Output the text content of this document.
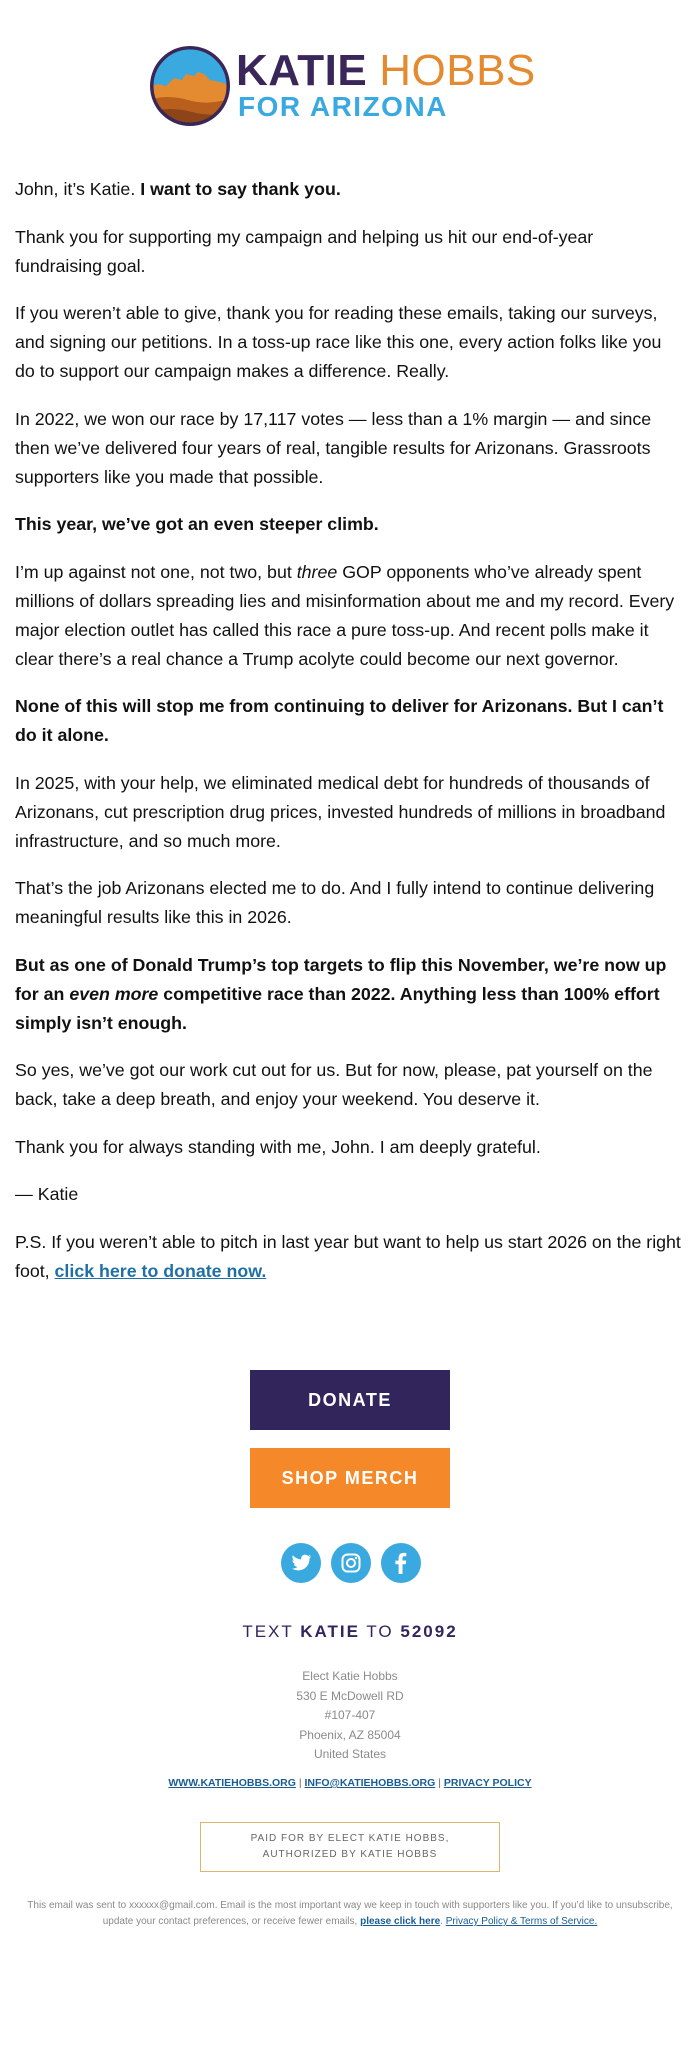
KATIE HOBBS
FOR ARIZONA

John, it’s Katie. I want to say thank you.

Thank you for supporting my campaign and helping us hit our end-of-year fundraising goal.

If you weren’t able to give, thank you for reading these emails, taking our surveys, and signing our petitions. In a toss-up race like this one, every action folks like you do to support our campaign makes a difference. Really.

In 2022, we won our race by 17,117 votes — less than a 1% margin — and since then we’ve delivered four years of real, tangible results for Arizonans. Grassroots supporters like you made that possible.

This year, we’ve got an even steeper climb.

I’m up against not one, not two, but three GOP opponents who’ve already spent millions of dollars spreading lies and misinformation about me and my record. Every major election outlet has called this race a pure toss-up. And recent polls make it clear there’s a real chance a Trump acolyte could become our next governor.

None of this will stop me from continuing to deliver for Arizonans. But I can’t do it alone.

In 2025, with your help, we eliminated medical debt for hundreds of thousands of Arizonans, cut prescription drug prices, invested hundreds of millions in broadband infrastructure, and so much more.

That’s the job Arizonans elected me to do. And I fully intend to continue delivering meaningful results like this in 2026.

But as one of Donald Trump’s top targets to flip this November, we’re now up for an even more competitive race than 2022. Anything less than 100% effort simply isn’t enough.

So yes, we’ve got our work cut out for us. But for now, please, pat yourself on the back, take a deep breath, and enjoy your weekend. You deserve it.

Thank you for always standing with me, John. I am deeply grateful.

— Katie

P.S. If you weren’t able to pitch in last year but want to help us start 2026 on the right foot, click here to donate now.

DONATE
SHOP MERCH
TEXT KATIE TO 52092
Elect Katie Hobbs
530 E McDowell RD
#107-407
Phoenix, AZ 85004
United States
WWW.KATIEHOBBS.ORG | INFO@KATIEHOBBS.ORG | PRIVACY POLICY
PAID FOR BY ELECT KATIE HOBBS,
AUTHORIZED BY KATIE HOBBS
This email was sent to xxxxxx@gmail.com. Email is the most important way we keep in touch with supporters like you. If you’d like to unsubscribe, update your contact preferences, or receive fewer emails, please click here. Privacy Policy & Terms of Service.
